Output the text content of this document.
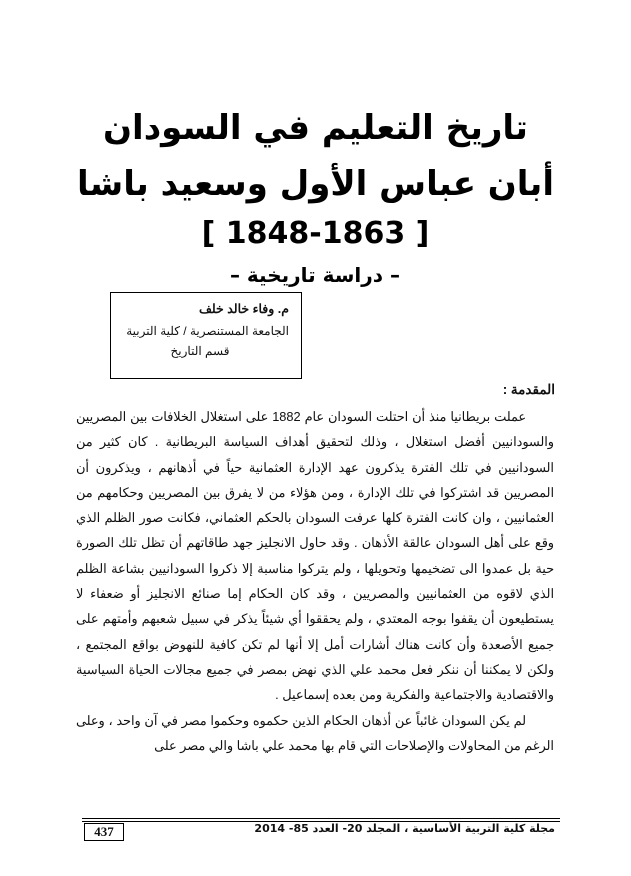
تاريخ التعليم في السودان
أبان عباس الأول وسعيد باشا
[ 1848-1863 ]
– دراسة تاريخية –
م. وفاء خالد خلف
الجامعة المستنصرية / كلية التربية
قسم التاريخ
المقدمة :

عملت بريطانيا منذ أن احتلت السودان عام 1882 على استغلال الخلافات بين المصريين والسودانيين أفضل استغلال ، وذلك لتحقيق أهداف السياسة البريطانية . كان كثير من السودانيين في تلك الفترة يذكرون عهد الإدارة العثمانية حياً في أذهانهم ، ويذكرون أن المصريين قد اشتركوا في تلك الإدارة ، ومن هؤلاء من لا يفرق بين المصريين وحكامهم من العثمانيين ، وان كانت الفترة كلها عرفت السودان بالحكم العثماني، فكانت صور الظلم الذي وقع على أهل السودان عالقة الأذهان . وقد حاول الانجليز جهد طاقاتهم أن تظل تلك الصورة حية بل عمدوا الى تضخيمها وتحويلها ، ولم يتركوا مناسبة إلا ذكروا السودانيين بشاعة الظلم الذي لاقوه من العثمانيين والمصريين ، وقد كان الحكام إما صنائع الانجليز أو ضعفاء لا يستطيعون أن يقفوا بوجه المعتدي ، ولم يحققوا أي شيئاً يذكر في سبيل شعبهم وأمتهم على جميع الأصعدة وأن كانت هناك أشارات أمل إلا أنها لم تكن كافية للنهوض بواقع المجتمع ، ولكن لا يمكننا أن ننكر فعل محمد علي الذي نهض بمصر في جميع مجالات الحياة السياسية والاقتصادية والاجتماعية والفكرية ومن بعده إسماعيل .

لم يكن السودان غائباً عن أذهان الحكام الذين حكموه وحكموا مصر في آن واحد ، وعلى الرغم من المحاولات والإصلاحات التي قام بها محمد علي باشا والي مصر على

437	مجلة كلية التربية الأساسية ، المجلد 20- العدد 85- 2014
